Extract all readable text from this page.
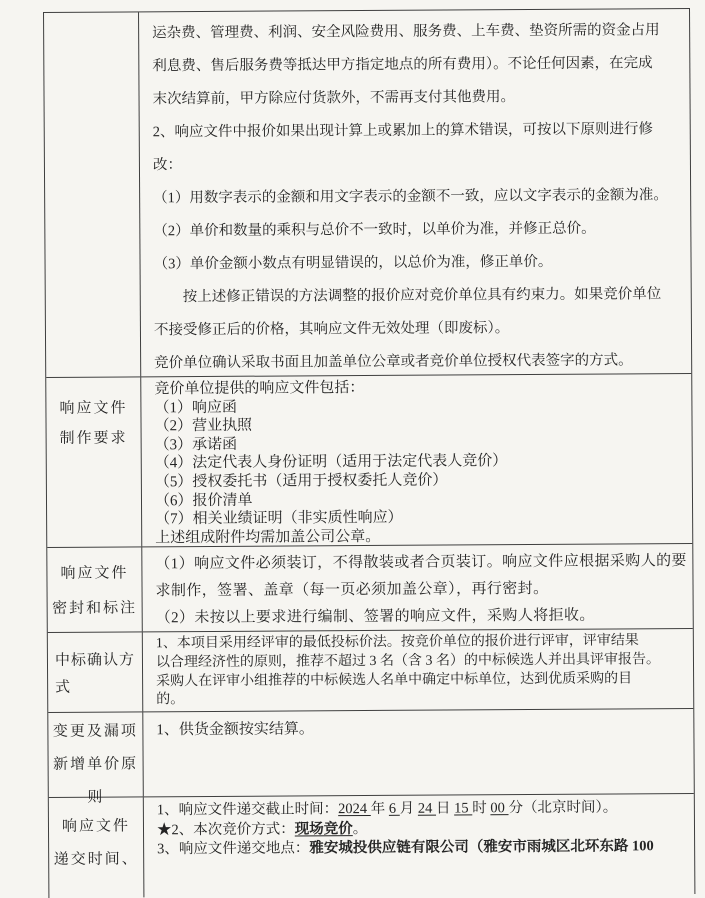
运杂费、管理费、利润、安全风险费用、服务费、上车费、垫资所需的资金占用
利息费、售后服务费等抵达甲方指定地点的所有费用）。不论任何因素，在完成
末次结算前，甲方除应付货款外，不需再支付其他费用。
2、响应文件中报价如果出现计算上或累加上的算术错误，可按以下原则进行修
改：
（1）用数字表示的金额和用文字表示的金额不一致，应以文字表示的金额为准。
（2）单价和数量的乘积与总价不一致时，以单价为准，并修正总价。
（3）单价金额小数点有明显错误的，以总价为准，修正单价。
按上述修正错误的方法调整的报价应对竞价单位具有约束力。如果竞价单位
不接受修正后的价格，其响应文件无效处理（即废标）。
竞价单位确认采取书面且加盖单位公章或者竞价单位授权代表签字的方式。
响应文件
制作要求
竞价单位提供的响应文件包括：
（1）响应函
（2）营业执照
（3）承诺函
（4）法定代表人身份证明（适用于法定代表人竞价）
（5）授权委托书（适用于授权委托人竞价）
（6）报价清单
（7）相关业绩证明（非实质性响应）
上述组成附件均需加盖公司公章。
响应文件
密封和标注
（1）响应文件必须装订，不得散装或者合页装订。响应文件应根据采购人的要
求制作，签署、盖章（每一页必须加盖公章），再行密封。
（2）未按以上要求进行编制、签署的响应文件，采购人将拒收。
中标确认方
式
1、本项目采用经评审的最低投标价法。按竞价单位的报价进行评审，评审结果
以合理经济性的原则，推荐不超过 3 名（含 3 名）的中标候选人并出具评审报告。
采购人在评审小组推荐的中标候选人名单中确定中标单位，达到优质采购的目
的。
变更及漏项
新增单价原
则
1、供货金额按实结算。
响应文件
递交时间、
1、响应文件递交截止时间：2024 年 6 月 24 日 15 时 00 分（北京时间）。
★2、本次竞价方式：现场竞价。
3、响应文件递交地点：雅安城投供应链有限公司（雅安市雨城区北环东路 100
